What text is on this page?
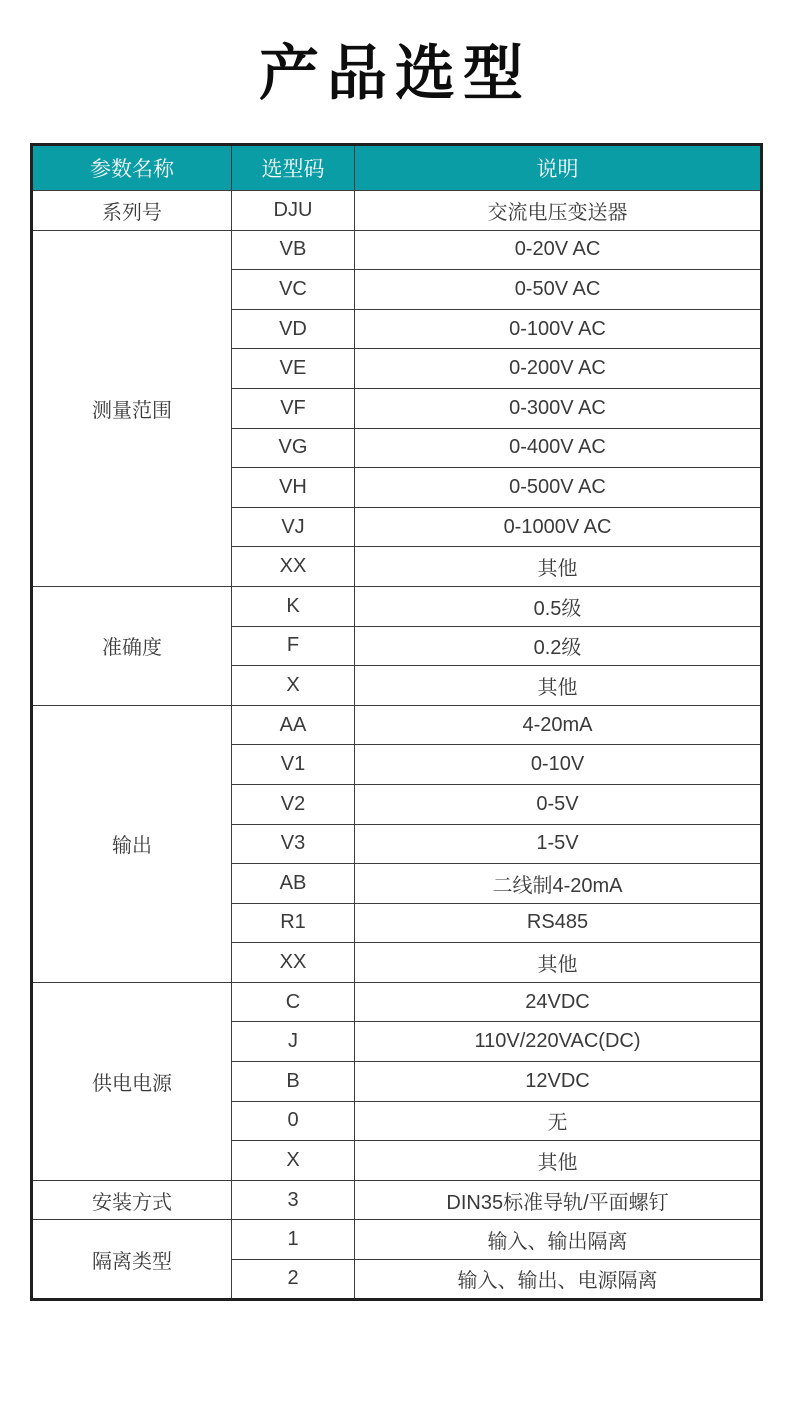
产品选型
参数名称	选型码	说明
系列号	DJU	交流电压变送器
测量范围	VB	0-20V AC
	VC	0-50V AC
	VD	0-100V AC
	VE	0-200V AC
	VF	0-300V AC
	VG	0-400V AC
	VH	0-500V AC
	VJ	0-1000V AC
	XX	其他
准确度	K	0.5级
	F	0.2级
	X	其他
输出	AA	4-20mA
	V1	0-10V
	V2	0-5V
	V3	1-5V
	AB	二线制4-20mA
	R1	RS485
	XX	其他
供电电源	C	24VDC
	J	110V/220VAC(DC)
	B	12VDC
	0	无
	X	其他
安装方式	3	DIN35标准导轨/平面螺钉
隔离类型	1	输入、输出隔离
	2	输入、输出、电源隔离
